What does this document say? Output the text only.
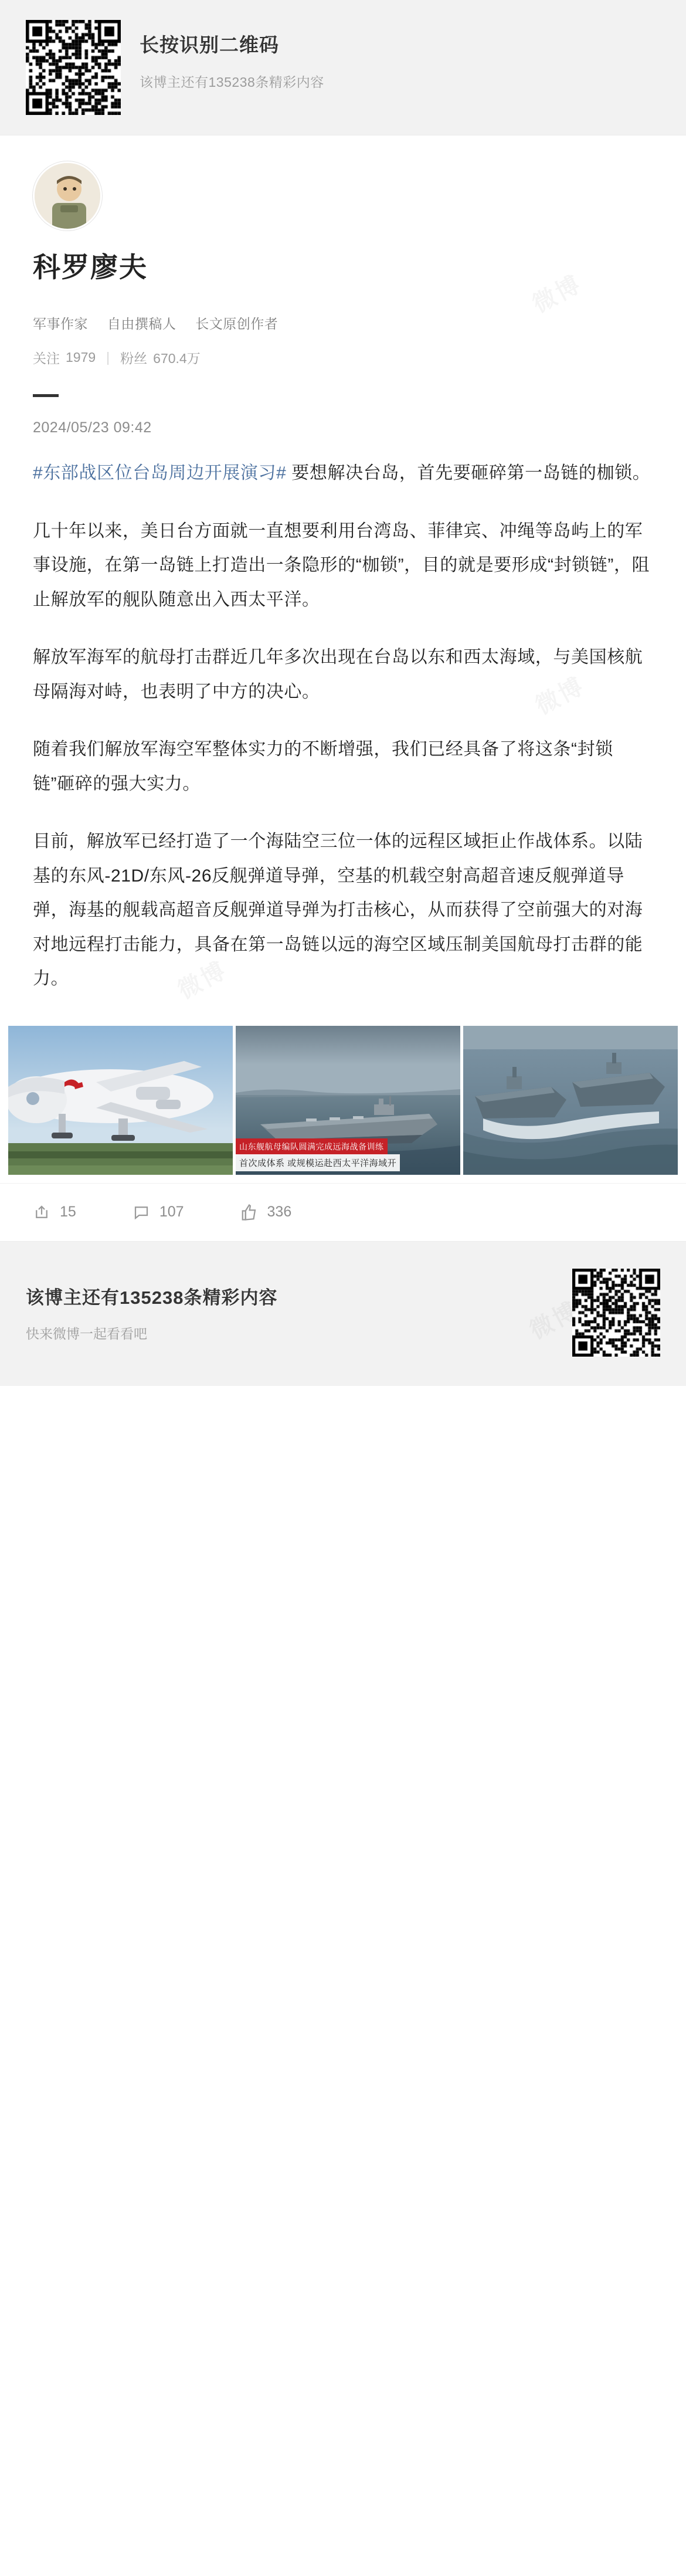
长按识别二维码
该博主还有135238条精彩内容
科罗廖夫
军事作家 自由撰稿人 长文原创作者
关注 1979 | 粉丝 670.4万
2024/05/23 09:42

#东部战区位台岛周边开展演习# 要想解决台岛，首先要砸碎第一岛链的枷锁。

几十年以来，美日台方面就一直想要利用台湾岛、菲律宾、冲绳等岛屿上的军事设施，在第一岛链上打造出一条隐形的“枷锁”，目的就是要形成“封锁链”，阻止解放军的舰队随意出入西太平洋。

解放军海军的航母打击群近几年多次出现在台岛以东和西太海域，与美国核航母隔海对峙，也表明了中方的决心。

随着我们解放军海空军整体实力的不断增强，我们已经具备了将这条“封锁链”砸碎的强大实力。

目前，解放军已经打造了一个海陆空三位一体的远程区域拒止作战体系。以陆基的东风-21D/东风-26反舰弹道导弹，空基的机载空射高超音速反舰弹道导弹，海基的舰载高超音反舰弹道导弹为打击核心，从而获得了空前强大的对海对地远程打击能力，具备在第一岛链以远的海空区域压制美国航母打击群的能力。

山东舰航母编队圆满完成远海战备训练
首次成体系 或规模运赴西太平洋海域开
15	107	336
该博主还有135238条精彩内容
快来微博一起看看吧
